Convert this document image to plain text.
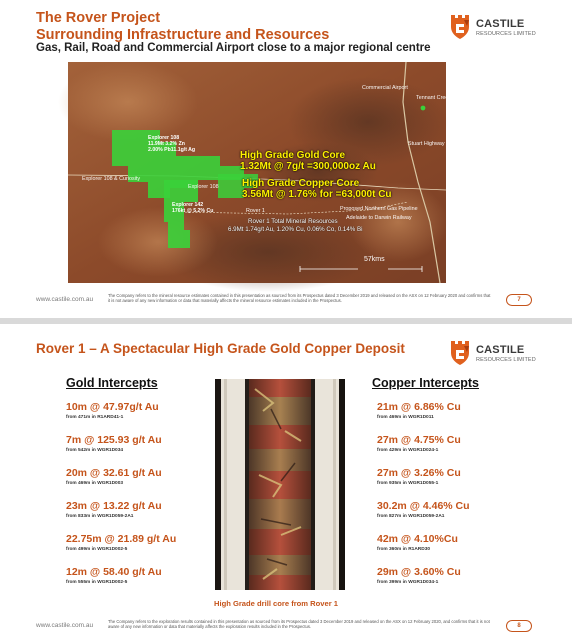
The Rover Project
Surrounding Infrastructure and Resources
Gas, Rail, Road and Commercial Airport close to a major regional centre
CASTILE
RESOURCES LIMITED
Commercial Airport
Tennant Creek
Stuart Highway
Explorer 108 & Curiosity
Explorer 108
Rover 1	Proposed Northern Gas Pipeline
Adelaide to Darwin Railway
Explorer 108
11.9Mt 3.2% Zn
2.00% Pb11.1g/t Ag
Explorer 142
176kt @ 5.2% Cu
High Grade Gold Core
1.32Mt @ 7g/t =300,000oz Au
High Grade Copper Core
3.56Mt @ 1.76% for =63,000t Cu
Rover 1 Total Mineral Resources
6.9Mt 1.74g/t Au, 1.20% Cu, 0.06% Co, 0.14% Bi
57kms
www.castile.com.au
The Company refers to the mineral resource estimates contained in this presentation as sourced from its Prospectus dated 3 December 2019 and released on the ASX on 12 February 2020 and confirms that it is not aware of any new information or data that materially affects the mineral resource estimates included in the Prospectus.	7
Rover 1 – A Spectacular High Grade Gold Copper Deposit	CASTILE
RESOURCES LIMITED
Gold Intercepts	Copper Intercepts
10m @ 47.97g/t Au
from 471m in R1ARD41-1
7m @ 125.93 g/t Au
from 542m in WGR1D034
20m @ 32.61 g/t Au
from 469m in WGR1D003
23m @ 13.22 g/t Au
from 833m in WGR1D059-2A1
22.75m @ 21.89 g/t Au
from 499m in WGR1D002-5
12m @ 58.40 g/t Au
from 555m in WGR1D002-5
21m @ 6.86% Cu
from 469m in WGR1D011
27m @ 4.75% Cu
from 429m in WGR1D024-1
27m @ 3.26% Cu
from 935m in WGR1D055-1
30.2m @ 4.46% Cu
from 827m in WGR1D059-2A1
42m @ 4.10%Cu
from 360m in R1ARD30
29m @ 3.60% Cu
from 399m in WGR1D034-1
High Grade drill core from Rover 1
www.castile.com.au
The Company refers to the exploration results contained in this presentation as sourced from its Prospectus dated 3 December 2019 and released on the ASX on 12 February 2020, and confirms that it is not aware of any new information or data that materially affects the exploration results included in the Prospectus.	8
